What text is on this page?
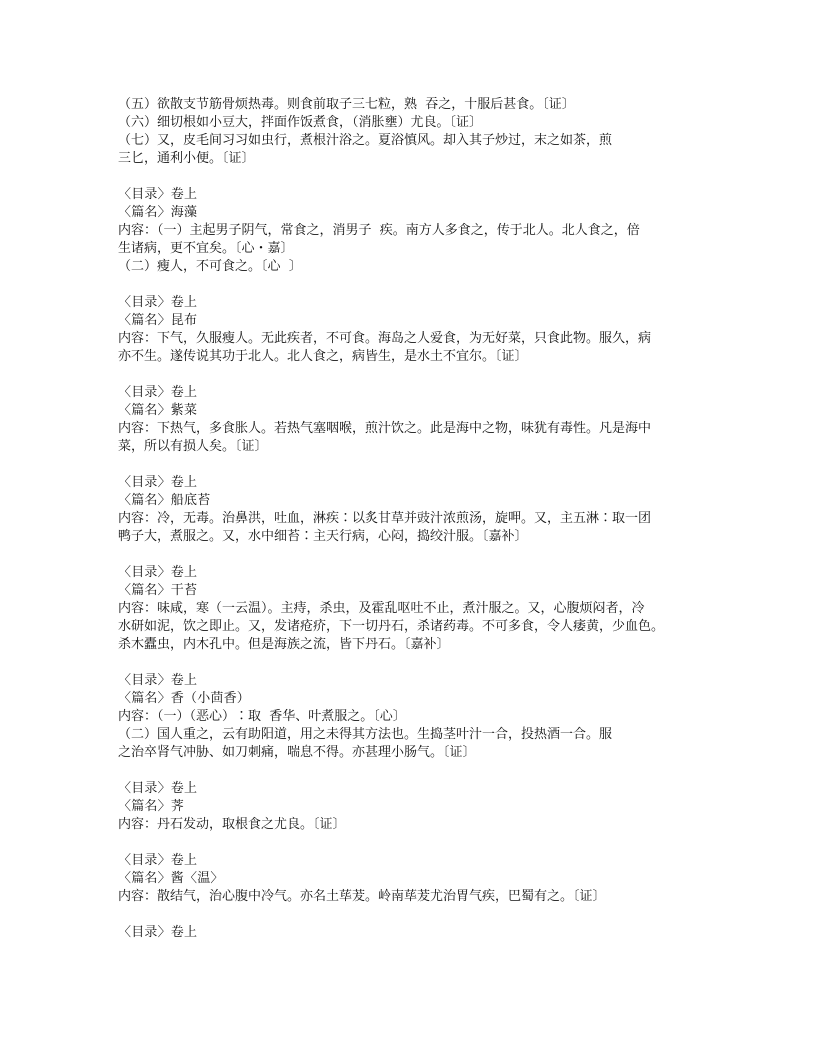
（五）欲散支节筋骨烦热毒。则食前取子三七粒，熟  吞之，十服后甚食。〔证〕
（六）细切根如小豆大，拌面作饭煮食，（消胀壅）尤良。〔证〕
（七）又，皮毛间习习如虫行，煮根汁浴之。夏浴慎风。却入其子炒过，末之如茶，煎
三匕，通利小便。〔证〕
〈目录〉卷上
〈篇名〉海藻
内容：（一）主起男子阴气，常食之，消男子  疾。南方人多食之，传于北人。北人食之，倍
生诸病，更不宜矣。〔心・嘉〕
（二）瘦人，不可食之。〔心  〕
〈目录〉卷上
〈篇名〉昆布
内容：下气，久服瘦人。无此疾者，不可食。海岛之人爱食，为无好菜，只食此物。服久，病
亦不生。遂传说其功于北人。北人食之，病皆生，是水土不宜尔。〔证〕
〈目录〉卷上
〈篇名〉紫菜
内容：下热气，多食胀人。若热气塞咽喉，煎汁饮之。此是海中之物，味犹有毒性。凡是海中
菜，所以有损人矣。〔证〕
〈目录〉卷上
〈篇名〉船底苔
内容：冷，无毒。治鼻洪，吐血，淋疾∶以炙甘草并豉汁浓煎汤，旋呷。又，主五淋∶取一团
鸭子大，煮服之。又，水中细苔∶主天行病，心闷，捣绞汁服。〔嘉补〕
〈目录〉卷上
〈篇名〉干苔
内容：味咸，寒（一云温）。主痔，杀虫，及霍乱呕吐不止，煮汁服之。又，心腹烦闷者，冷
水研如泥，饮之即止。又，发诸疮疥，下一切丹石，杀诸药毒。不可多食，令人痿黄，少血色。
杀木蠹虫，内木孔中。但是海族之流，皆下丹石。〔嘉补〕
〈目录〉卷上
〈篇名〉香（小茴香）
内容：（一）（恶心）∶取  香华、叶煮服之。〔心〕
（二）国人重之，云有助阳道，用之未得其方法也。生捣茎叶汁一合，投热酒一合。服
之治卒肾气冲胁、如刀刺痛，喘息不得。亦甚理小肠气。〔证〕
〈目录〉卷上
〈篇名〉荠
内容：丹石发动，取根食之尤良。〔证〕
〈目录〉卷上
〈篇名〉酱〈温〉
内容：散结气，治心腹中冷气。亦名土荜茇。岭南荜茇尤治胃气疾，巴蜀有之。〔证〕
〈目录〉卷上
